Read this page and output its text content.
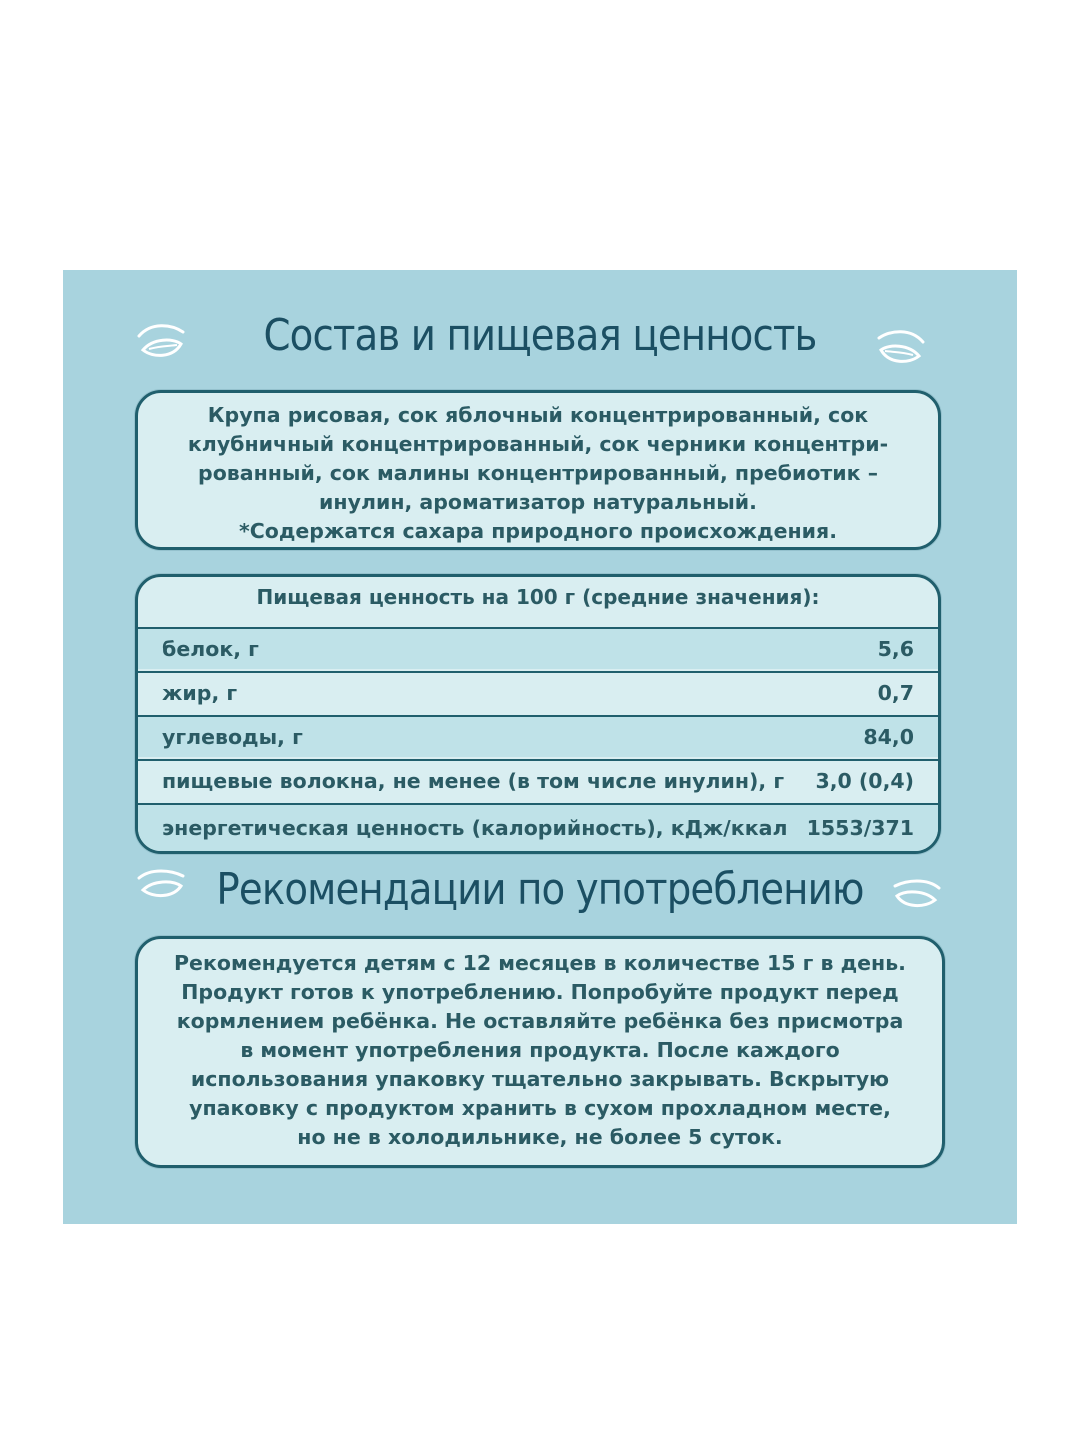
Состав и пищевая ценность
Крупа рисовая, сок яблочный концентрированный, сок
клубничный концентрированный, сок черники концентри-
рованный, сок малины концентрированный, пребиотик –
инулин, ароматизатор натуральный.
*Содержатся сахара природного происхождения.
Пищевая ценность на 100 г (средние значения):
белок, г	5,6
жир, г	0,7
углеводы, г	84,0
пищевые волокна, не менее (в том числе инулин), г 3,0 (0,4)
энергетическая ценность (калорийность), кДж/ккал 1553/371
Рекомендации по употреблению
Рекомендуется детям с 12 месяцев в количестве 15 г в день.
Продукт готов к употреблению. Попробуйте продукт перед
кормлением ребёнка. Не оставляйте ребёнка без присмотра
в момент употребления продукта. После каждого
использования упаковку тщательно закрывать. Вскрытую
упаковку с продуктом хранить в сухом прохладном месте,
но не в холодильнике, не более 5 суток.
